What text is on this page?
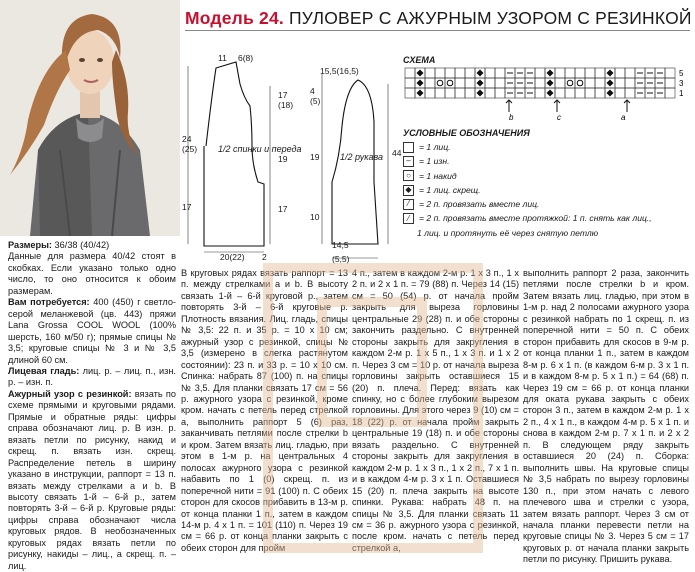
Модель 24. ПУЛОВЕР С АЖУРНЫМ УЗОРОМ С РЕЗИНКОЙ
11 6(8)
17
(18)
24
(25)
19
17	17
20(22) 2
1/2 спинки и переда
15,5(16,5)
4
(5)
44
19
10
14,5
(5,5)
1/2 рукава
СХЕМА
5
3
1
b	c	a
УСЛОВНЫЕ ОБОЗНАЧЕНИЯ
= 1 лиц.
– = 1 изн.
○ = 1 накид
◆ = 1 лиц. скрещ.
⁄	= 2 п. провязать вместе лиц.
⁄	= 2 п. провязать вместе протяжкой: 1 п. снять как лиц.,
1 лиц. и протянуть её через снятую петлю

Размеры: 36/38 (40/42)

Данные для размера 40/42 стоят в скобках. Если указано только одно число, то оно относится к обоим размерам.

Вам потребуется: 400 (450) г светло-серой меланжевой (цв. 443) пряжи Lana Grossa COOL WOOL (100% шерсть, 160 м/50 г); прямые спицы № 3,5; круговые спицы № 3 и № 3,5 длиной 60 см.

Лицевая гладь: лиц. р. – лиц. п., изн. р. – изн. п.

Ажурный узор с резинкой: вязать по схеме прямыми и круговыми рядами. Прямые и обратные ряды: цифры справа обозначают лиц. р. В изн. р. вязать петли по рисунку, накид и скрещ. п. вязать изн. скрещ. Распределение петель в ширину указано в инструкции, раппорт = 13 п. вязать между стрелками a и b. В высоту связать 1-й – 6-й р., затем повторять 3-й – 6-й р. Круговые ряды: цифры справа обозначают числа круговых рядов. В необозначенных круговых рядах вязать петли по рисунку, накиды – лиц., а скрещ. п. – лиц.

В круговых рядах вязать раппорт = 13 п. между стрелками a и b. В высоту связать 1-й – 6-й круговой р., затем повторять 3-й – 6-й круговые р. Плотность вязания. Лиц. гладь, спицы № 3,5: 22 п. и 35 р. = 10 х 10 см; ажурный узор с резинкой, спицы № 3,5 (измерено в слегка растянутом состоянии): 23 п. и 33 р. = 10 х 10 см. Спинка: набрать 87 (100) п. на спицы № 3,5. Для планки связать 17 см = 56 р. ажурного узора с резинкой, кроме кром. начать с петель перед стрелкой a, выполнить раппорт 5 (6) раз, заканчивать петлями после стрелки b и кром. Затем вязать лиц. гладью, при этом в 1-м р. на центральных 4 полосах ажурного узора с резинкой набавить по 1 (0) скрещ. п. из поперечной нити = 91 (100) п. С обеих сторон для скосов прибавить в 13-м р. от конца планки 1 п., затем в каждом 14-м р. 4 х 1 п. = 101 (110) п. Через 19 см = 66 р. от конца планки закрыть с обеих сторон для пройм

4 п., затем в каждом 2-м р. 1 х 3 п., 1 х 2 п. и 2 х 1 п. = 79 (88) п. Через 14 (15) см = 50 (54) р. от начала пройм закрыть для выреза горловины центральные 29 (28) п. и обе стороны закончить раздельно. С внутренней стороны закрыть для закругления в каждом 2-м р. 1 х 5 п., 1 х 3 п. и 1 х 2 п. Через 3 см = 10 р. от начала выреза горловины закрыть оставшиеся 15 (20) п. плеча. Перед: вязать как спинку, но с более глубоким вырезом горловины. Для этого через 9 (10) см = 18 (22) р. от начала пройм закрыть центральные 19 (18) п. и обе стороны вязать раздельно. С внутренней стороны закрыть для закругления в каждом 2-м р. 1 х 3 п., 1 х 2 п., 7 х 1 п. и в каждом 4-м р. 3 х 1 п. Оставшиеся 15 (20) п. плеча закрыть на высоте спинки. Рукава: набрать 48 п. на спицы № 3,5. Для планки связать 11 см = 36 р. ажурного узора с резинкой, после кром. начать с петель перед стрелкой a,

выполнить раппорт 2 раза, закончить петлями после стрелки b и кром. Затем вязать лиц. гладью, при этом в 1-м р. над 2 полосами ажурного узора с резинкой набрать по 1 скрещ. п. из поперечной нити = 50 п. С обеих сторон прибавить для скосов в 9-м р. от конца планки 1 п., затем в каждом 8-м р. 6 х 1 п. (в каждом 6-м р. 3 х 1 п. и в каждом 8-м р. 5 х 1 п.) = 64 (68) п. Через 19 см = 66 р. от конца планки для оката рукава закрыть с обеих сторон 3 п., затем в каждом 2-м р. 1 х 2 п., 4 х 1 п., в каждом 4-м р. 5 х 1 п. и снова в каждом 2-м р. 7 х 1 п. и 2 х 2 п. В следующем ряду закрыть оставшиеся 20 (24) п. Сборка: выполнить швы. На круговые спицы № 3,5 набрать по вырезу горловины 130 п., при этом начать с левого плечевого шва и стрелки c узора, затем вязать раппорт. Через 3 см от начала планки перевести петли на круговые спицы № 3. Через 5 см = 17 круговых р. от начала планки закрыть петли по рисунку. Пришить рукава.
